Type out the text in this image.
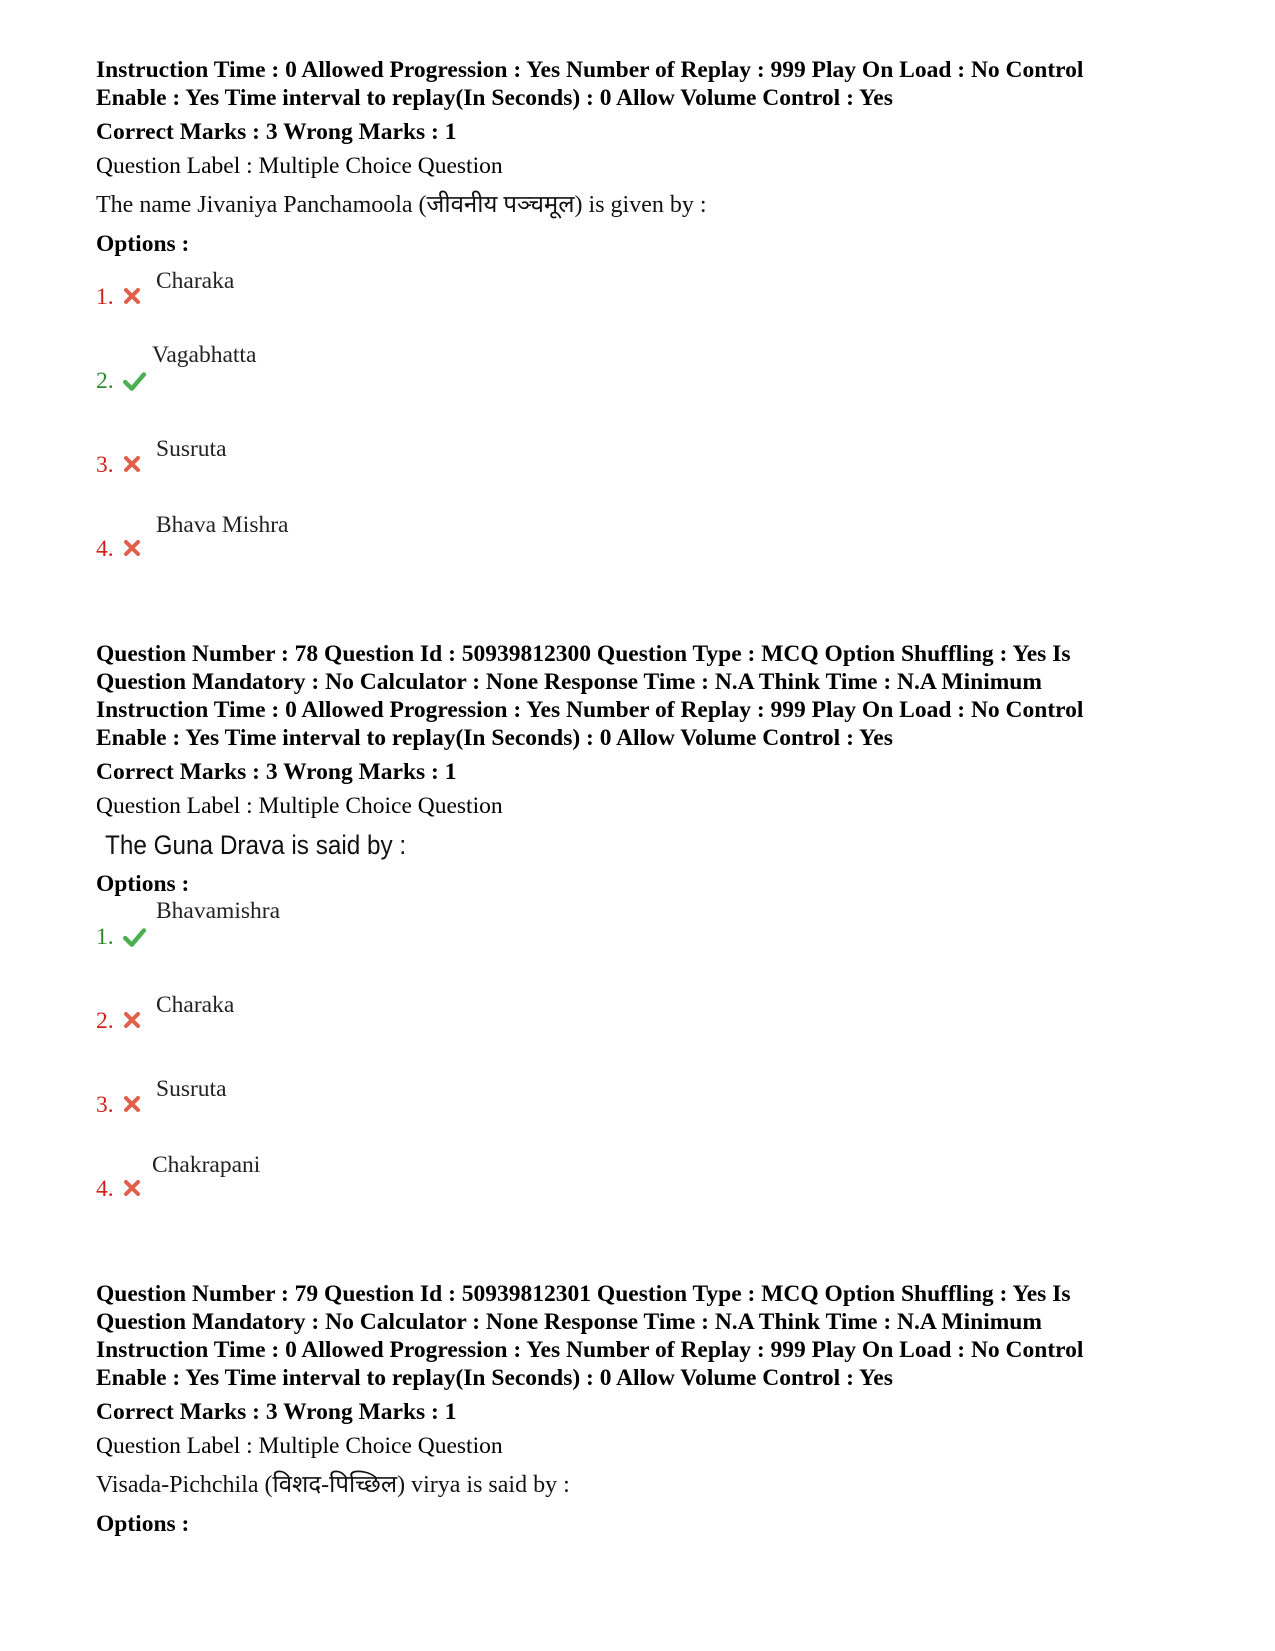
Instruction Time : 0 Allowed Progression : Yes Number of Replay : 999 Play On Load : No Control

Enable : Yes Time interval to replay(In Seconds) : 0 Allow Volume Control : Yes

Correct Marks : 3 Wrong Marks : 1
Question Label : Multiple Choice Question
The name Jivaniya Panchamoola (जीवनीय पञ्चमूल) is given by :
Options :
1.
Charaka
2.
Vagabhatta
3.
Susruta
4.
Bhava Mishra

Question Number : 78 Question Id : 50939812300 Question Type : MCQ Option Shuffling : Yes Is

Question Mandatory : No Calculator : None Response Time : N.A Think Time : N.A Minimum

Instruction Time : 0 Allowed Progression : Yes Number of Replay : 999 Play On Load : No Control

Enable : Yes Time interval to replay(In Seconds) : 0 Allow Volume Control : Yes

Correct Marks : 3 Wrong Marks : 1
Question Label : Multiple Choice Question
The Guna Drava is said by :
Options :
1.
Bhavamishra
2.
Charaka
3.
Susruta
4.
Chakrapani

Question Number : 79 Question Id : 50939812301 Question Type : MCQ Option Shuffling : Yes Is

Question Mandatory : No Calculator : None Response Time : N.A Think Time : N.A Minimum

Instruction Time : 0 Allowed Progression : Yes Number of Replay : 999 Play On Load : No Control

Enable : Yes Time interval to replay(In Seconds) : 0 Allow Volume Control : Yes

Correct Marks : 3 Wrong Marks : 1
Question Label : Multiple Choice Question
Visada-Pichchila (विशद-पिच्छिल) virya is said by :
Options :
